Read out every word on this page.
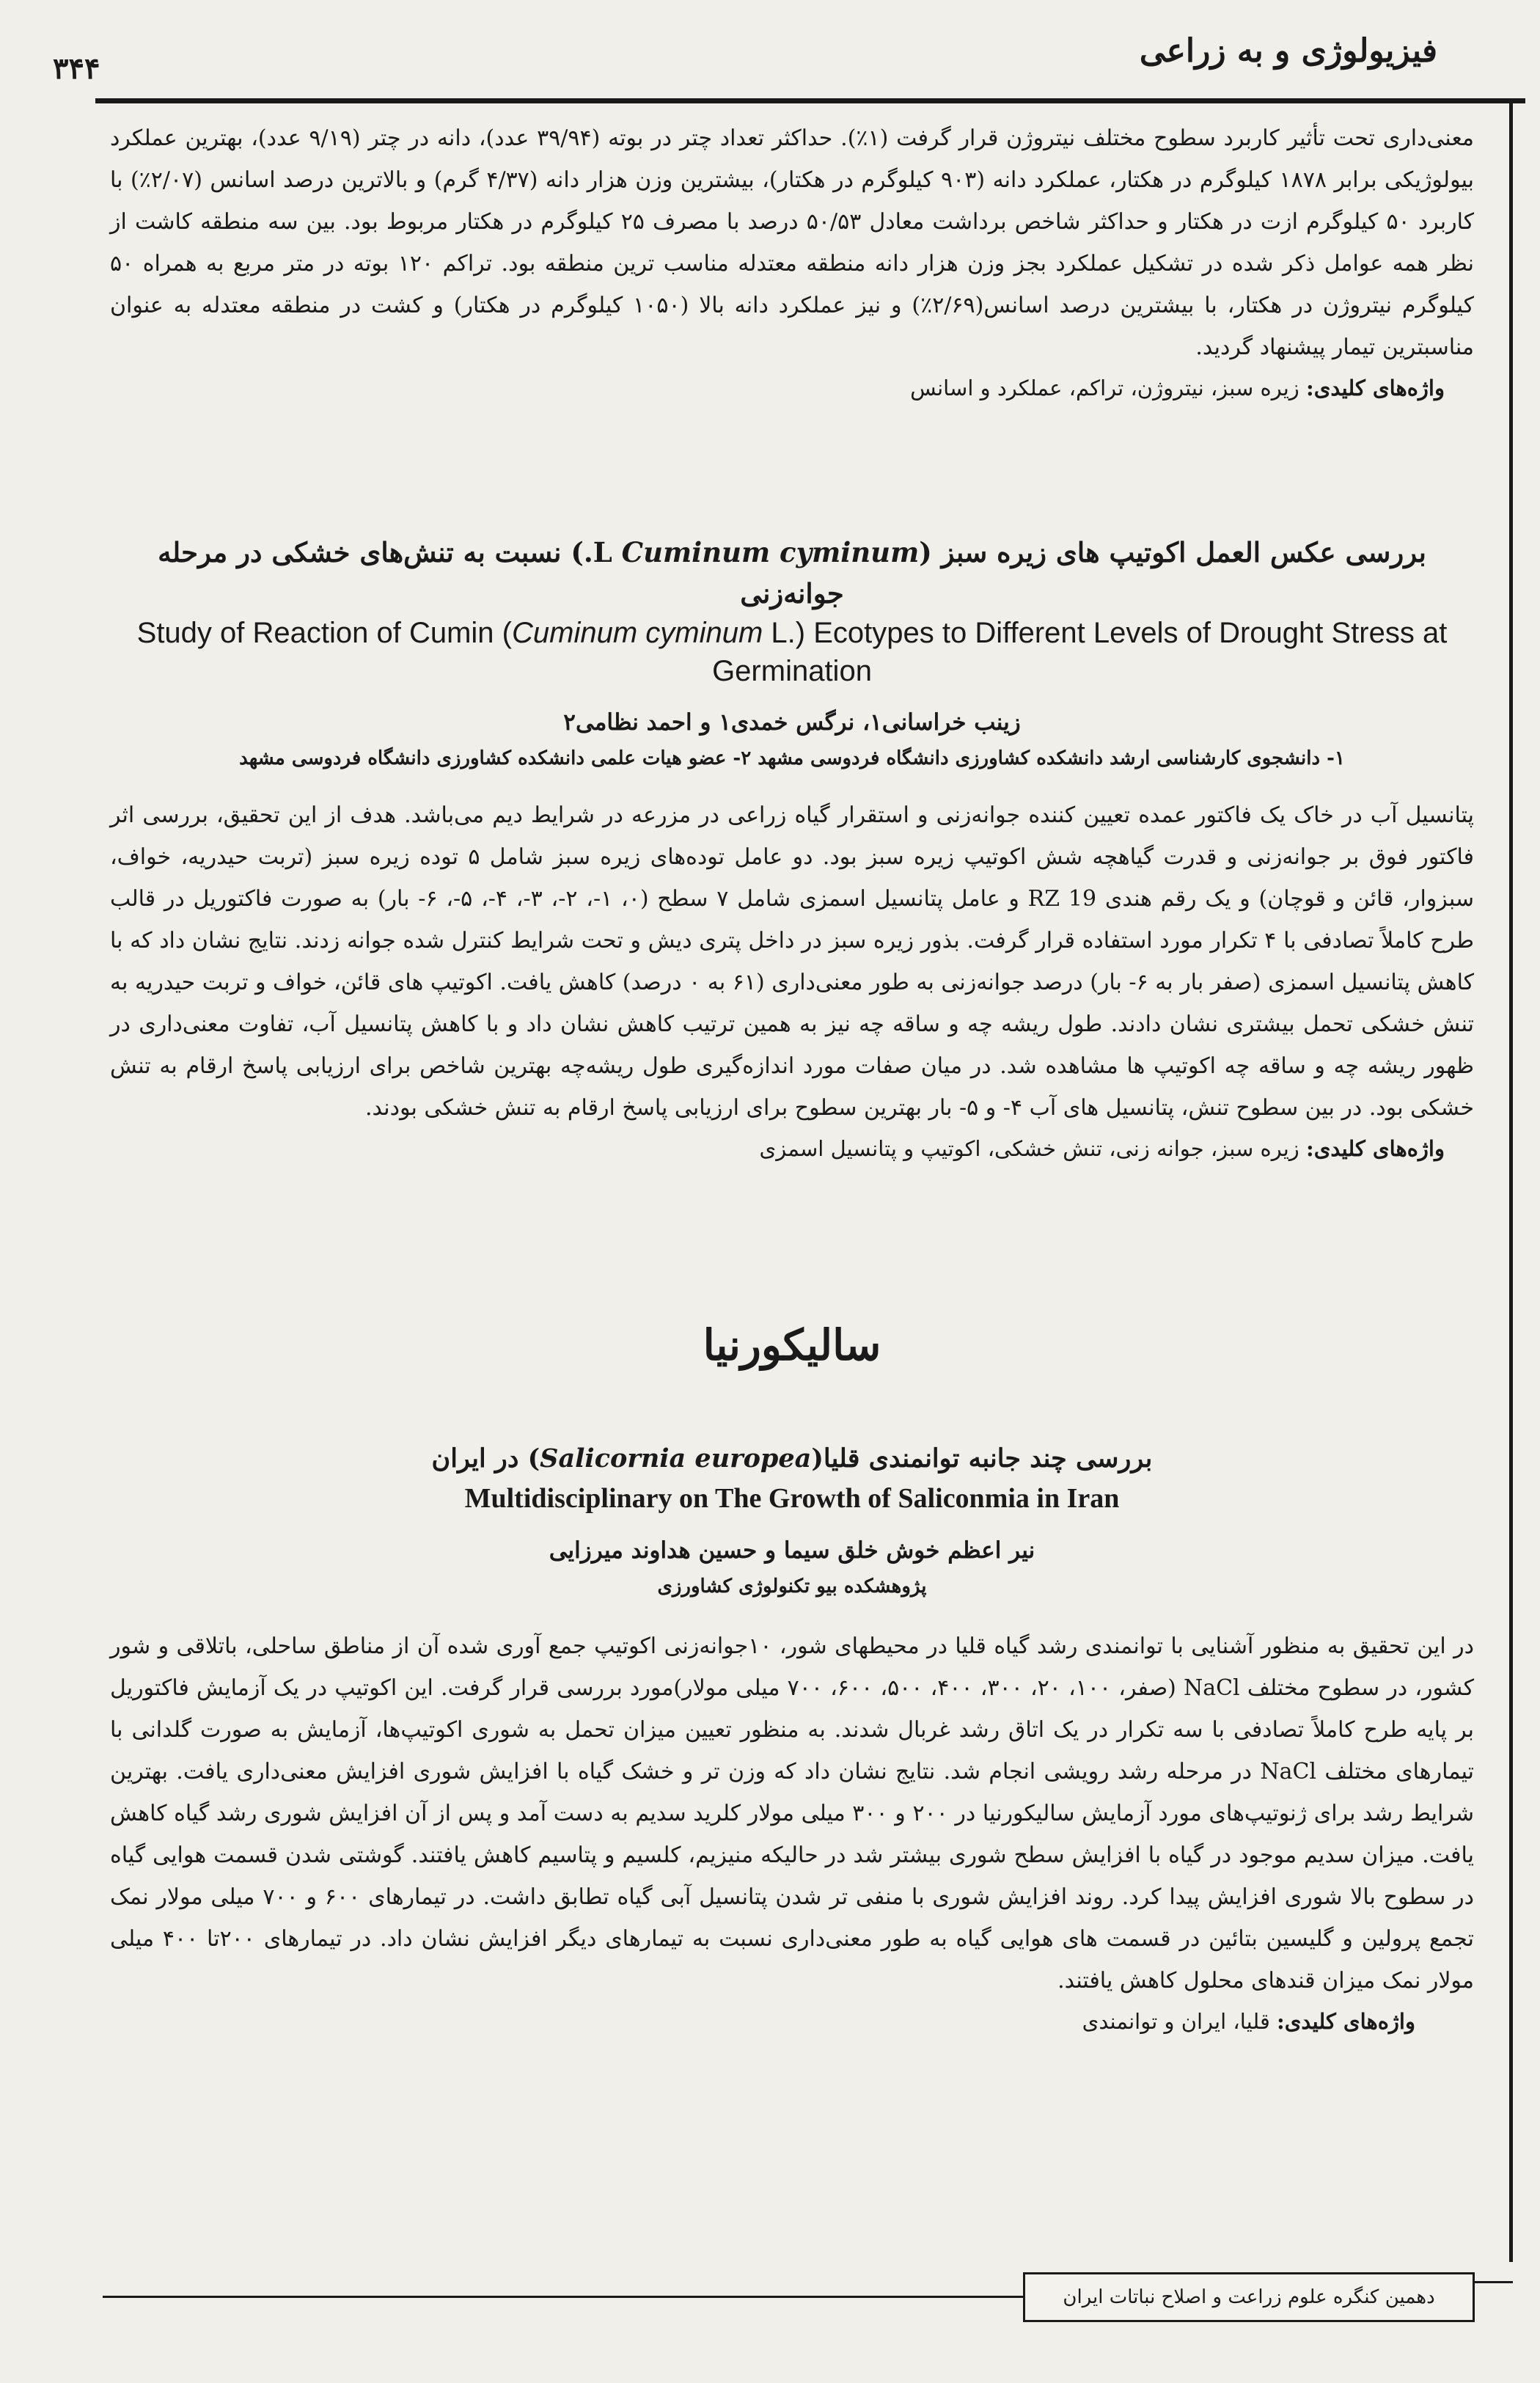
فیزیولوژی و به زراعی
۳۴۴
معنی‌داری تحت تأثیر کاربرد سطوح مختلف نیتروژن قرار گرفت (۱٪). حداکثر تعداد چتر در بوته (۳۹/۹۴ عدد)، دانه در چتر (۹/۱۹ عدد)، بهترین عملکرد بیولوژیکی برابر ۱۸۷۸ کیلوگرم در هکتار، عملکرد دانه (۹۰۳ کیلوگرم در هکتار)، بیشترین وزن هزار دانه (۴/۳۷ گرم) و بالاترین درصد اسانس (۲/۰۷٪) با کاربرد ۵۰ کیلوگرم ازت در هکتار و حداکثر شاخص برداشت معادل ۵۰/۵۳ درصد با مصرف ۲۵ کیلوگرم در هکتار مربوط بود. بین سه منطقه کاشت از نظر همه عوامل ذکر شده در تشکیل عملکرد بجز وزن هزار دانه منطقه معتدله مناسب ترین منطقه بود. تراکم ۱۲۰ بوته در متر مربع به همراه ۵۰ کیلوگرم نیتروژن در هکتار، با بیشترین درصد اسانس(۲/۶۹٪) و نیز عملکرد دانه بالا (۱۰۵۰ کیلوگرم در هکتار) و کشت در منطقه معتدله به عنوان مناسبترین تیمار پیشنهاد گردید.
واژه‌های کلیدی: زیره سبز، نیتروژن، تراکم، عملکرد و اسانس
بررسی عکس العمل اکوتیپ های زیره سبز (Cuminum cyminum L.) نسبت به تنش‌های خشکی در مرحله جوانه‌زنی
Study of Reaction of Cumin (Cuminum cyminum L.) Ecotypes to Different Levels of Drought Stress at Germination
زینب خراسانی۱، نرگس خمدی۱ و احمد نظامی۲
۱- دانشجوی کارشناسی ارشد دانشکده کشاورزی دانشگاه فردوسی مشهد ۲- عضو هیات علمی دانشکده کشاورزی دانشگاه فردوسی مشهد
پتانسیل آب در خاک یک فاکتور عمده تعیین کننده جوانه‌زنی و استقرار گیاه زراعی در مزرعه در شرایط دیم می‌باشد. هدف از این تحقیق، بررسی اثر فاکتور فوق بر جوانه‌زنی و قدرت گیاهچه شش اکوتیپ زیره سبز بود. دو عامل توده‌های زیره سبز شامل ۵ توده زیره سبز (تربت حیدریه، خواف، سبزوار، قائن و قوچان) و یک رقم هندی RZ 19 و عامل پتانسیل اسمزی شامل ۷ سطح (۰، ۱-، ۲-، ۳-، ۴-، ۵-، ۶- بار) به صورت فاکتوریل در قالب طرح کاملاً تصادفی با ۴ تکرار مورد استفاده قرار گرفت. بذور زیره سبز در داخل پتری دیش و تحت شرایط کنترل شده جوانه زدند. نتایج نشان داد که با کاهش پتانسیل اسمزی (صفر بار به ۶- بار) درصد جوانه‌زنی به طور معنی‌داری (۶۱ به ۰ درصد) کاهش یافت. اکوتیپ های قائن، خواف و تربت حیدریه به تنش خشکی تحمل بیشتری نشان دادند. طول ریشه چه و ساقه چه نیز به همین ترتیب کاهش نشان داد و با کاهش پتانسیل آب، تفاوت معنی‌داری در ظهور ریشه چه و ساقه چه اکوتیپ ها مشاهده شد. در میان صفات مورد اندازه‌گیری طول ریشه‌چه بهترین شاخص برای ارزیابی پاسخ ارقام به تنش خشکی بود. در بین سطوح تنش، پتانسیل های آب ۴- و ۵- بار بهترین سطوح برای ارزیابی پاسخ ارقام به تنش خشکی بودند.
واژه‌های کلیدی: زیره سبز، جوانه زنی، تنش خشکی، اکوتیپ و پتانسیل اسمزی
سالیکورنیا
بررسی چند جانبه توانمندی قلیا(Salicornia europea) در ایران
Multidisciplinary on The Growth of Saliconmia in Iran
نیر اعظم خوش خلق سیما و حسین هداوند میرزایی
پژوهشکده بیو تکنولوژی کشاورزی
در این تحقیق به منظور آشنایی با توانمندی رشد گیاه قلیا در محیطهای شور، ۱۰جوانه‌زنی اکوتیپ جمع آوری شده آن از مناطق ساحلی، باتلاقی و شور کشور، در سطوح مختلف NaCl (صفر، ۱۰۰، ۲۰، ۳۰۰، ۴۰۰، ۵۰۰، ۶۰۰، ۷۰۰ میلی مولار)مورد بررسی قرار گرفت. این اکوتیپ در یک آزمایش فاکتوریل بر پایه طرح کاملاً تصادفی با سه تکرار در یک اتاق رشد غربال شدند. به منظور تعیین میزان تحمل به شوری اکوتیپ‌ها، آزمایش به صورت گلدانی با تیمارهای مختلف NaCl در مرحله رشد رویشی انجام شد. نتایج نشان داد که وزن تر و خشک گیاه با افزایش شوری افزایش معنی‌داری یافت. بهترین شرایط رشد برای ژنوتیپ‌های مورد آزمایش سالیکورنیا در ۲۰۰ و ۳۰۰ میلی مولار کلرید سدیم به دست آمد و پس از آن افزایش شوری رشد گیاه کاهش یافت. میزان سدیم موجود در گیاه با افزایش سطح شوری بیشتر شد در حالیکه منیزیم، کلسیم و پتاسیم کاهش یافتند. گوشتی شدن قسمت هوایی گیاه در سطوح بالا شوری افزایش پیدا کرد. روند افزایش شوری با منفی تر شدن پتانسیل آبی گیاه تطابق داشت. در تیمارهای ۶۰۰ و ۷۰۰ میلی مولار نمک تجمع پرولین و گلیسین بتائین در قسمت های هوایی گیاه به طور معنی‌داری نسبت به تیمارهای دیگر افزایش نشان داد. در تیمارهای ۲۰۰تا ۴۰۰ میلی مولار نمک میزان قندهای محلول کاهش یافتند.
واژه‌های کلیدی: قلیا، ایران و توانمندی
دهمین کنگره علوم زراعت و اصلاح نباتات ایران
